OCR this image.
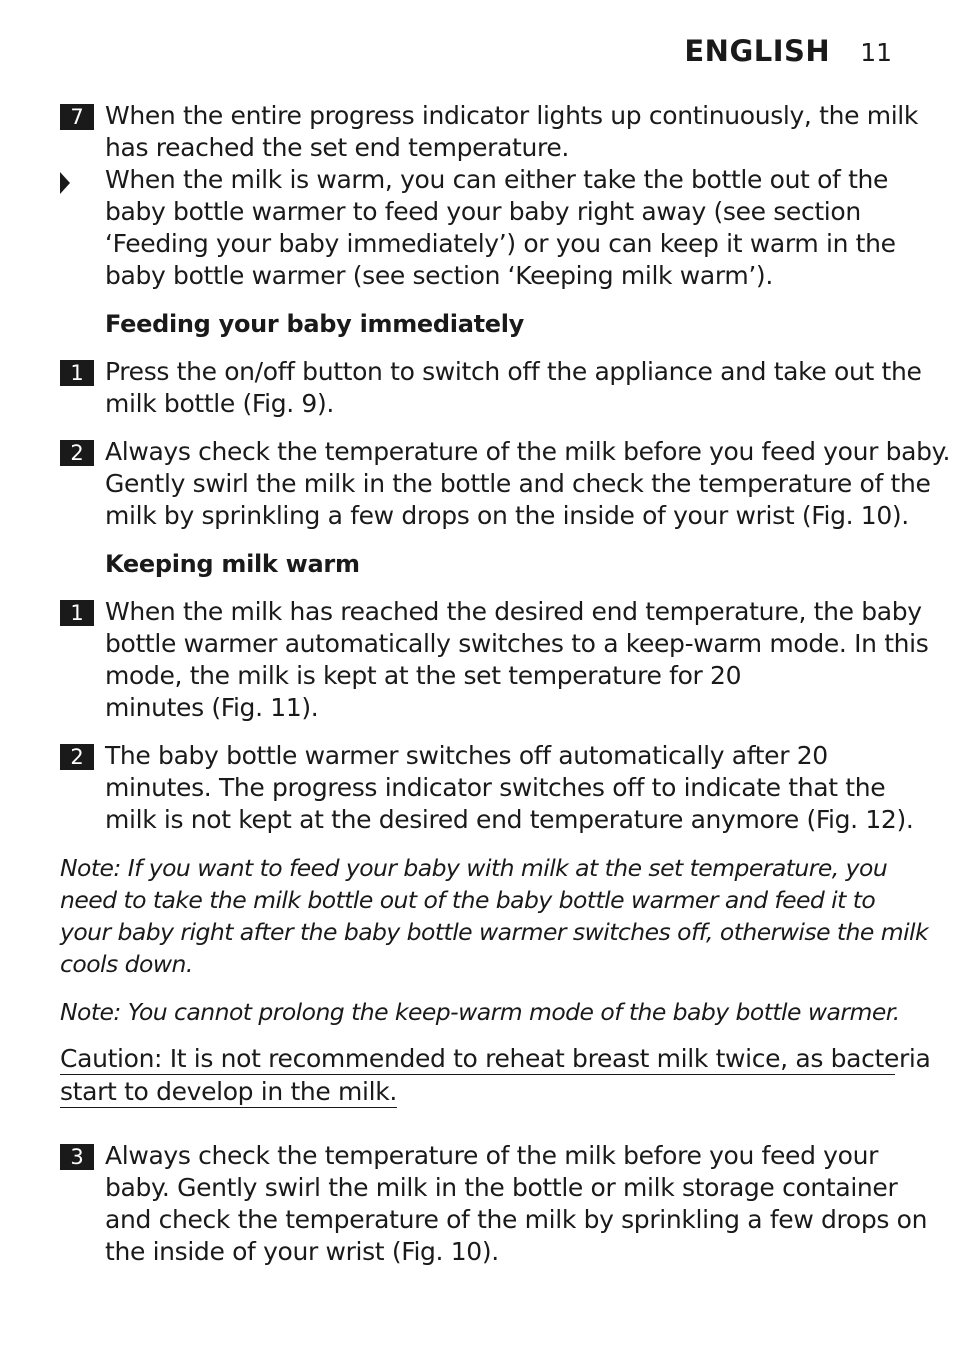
ENGLISH 11
7 When the entire progress indicator lights up continuously, the milk
has reached the set end temperature.
When the milk is warm, you can either take the bottle out of the
baby bottle warmer to feed your baby right away (see section
‘Feeding your baby immediately’) or you can keep it warm in the
baby bottle warmer (see section ‘Keeping milk warm’).
Feeding your baby immediately
1 Press the on/off button to switch off the appliance and take out the
milk bottle (Fig. 9).
2 Always check the temperature of the milk before you feed your baby.
Gently swirl the milk in the bottle and check the temperature of the
milk by sprinkling a few drops on the inside of your wrist (Fig. 10).
Keeping milk warm
1 When the milk has reached the desired end temperature, the baby
bottle warmer automatically switches to a keep-warm mode. In this
mode, the milk is kept at the set temperature for 20
minutes (Fig. 11).
2 The baby bottle warmer switches off automatically after 20
minutes. The progress indicator switches off to indicate that the
milk is not kept at the desired end temperature anymore (Fig. 12).
Note: If you want to feed your baby with milk at the set temperature, you
need to take the milk bottle out of the baby bottle warmer and feed it to
your baby right after the baby bottle warmer switches off, otherwise the milk
cools down.
Note: You cannot prolong the keep-warm mode of the baby bottle warmer.
Caution: It is not recommended to reheat breast milk twice, as bacteria
start to develop in the milk.
3 Always check the temperature of the milk before you feed your
baby. Gently swirl the milk in the bottle or milk storage container
and check the temperature of the milk by sprinkling a few drops on
the inside of your wrist (Fig. 10).
